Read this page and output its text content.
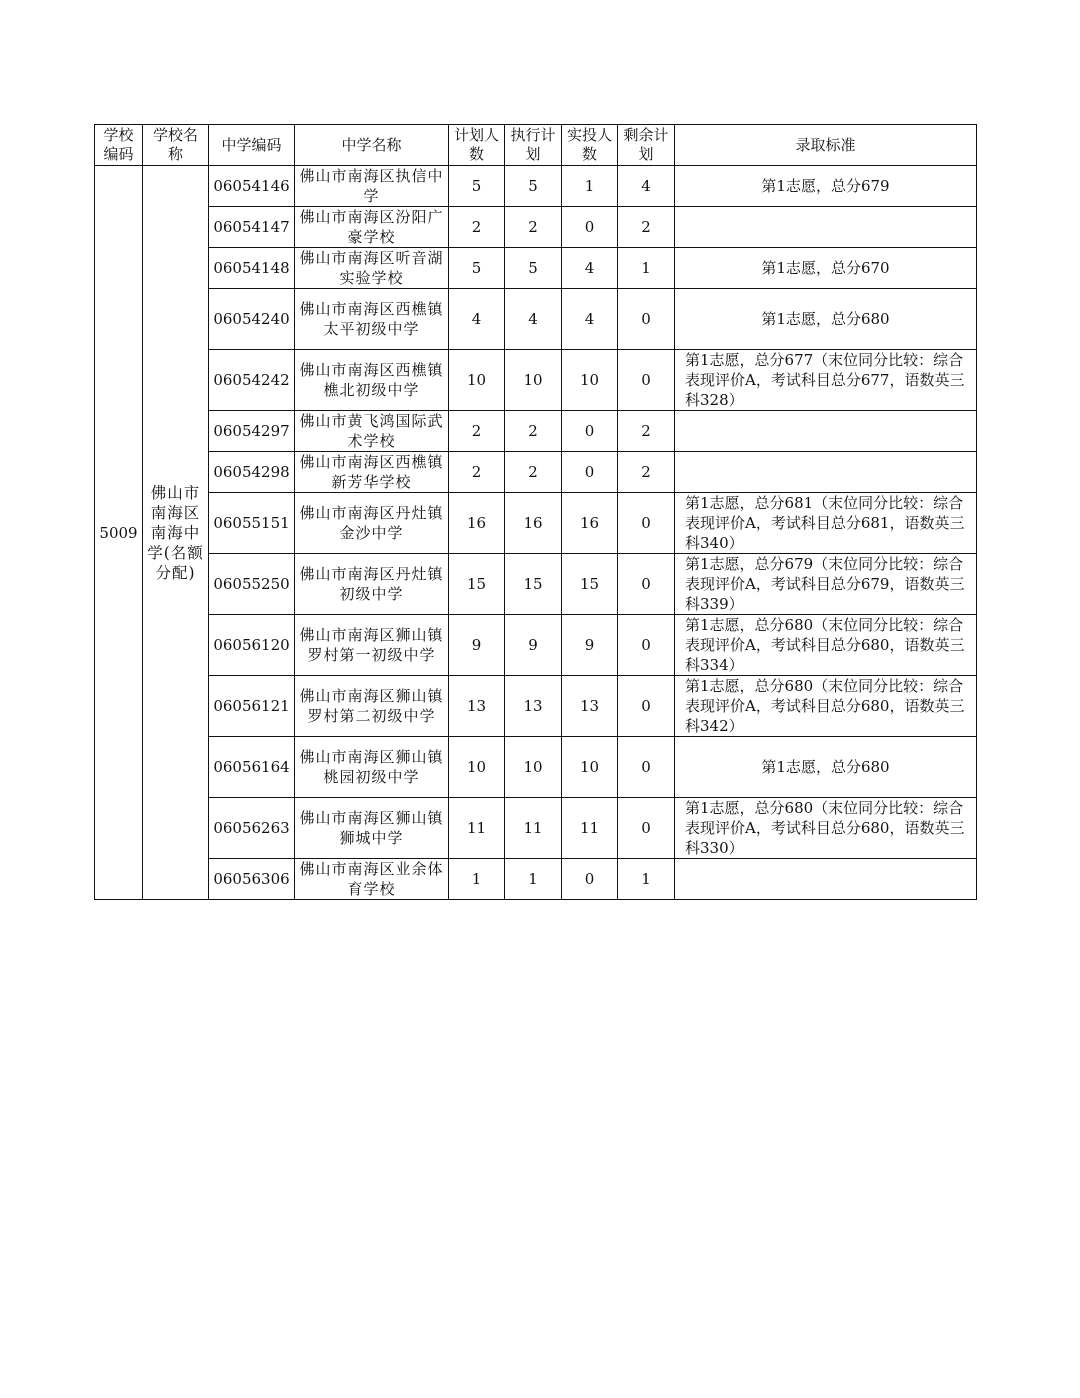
学校编码	学校名称	中学编码	中学名称	计划人数	执行计划	实投人数	剩余计划	录取标准

5009	佛山市南海区南海中学(名额分配)	06054146	佛山市南海区执信中学	5	5	1	4	第1志愿，总分679

		06054147	佛山市南海区汾阳广豪学校	2	2	0	2	

		06054148	佛山市南海区听音湖实验学校	5	5	4	1	第1志愿，总分670

		06054240	佛山市南海区西樵镇太平初级中学	4	4	4	0	第1志愿，总分680

		06054242	佛山市南海区西樵镇樵北初级中学	10	10	10	0	第1志愿，总分677（末位同分比较：综合表现评价A，考试科目总分677，语数英三科328）

		06054297	佛山市黄飞鸿国际武术学校	2	2	0	2	

		06054298	佛山市南海区西樵镇新芳华学校	2	2	0	2	

		06055151	佛山市南海区丹灶镇金沙中学	16	16	16	0	第1志愿，总分681（末位同分比较：综合表现评价A，考试科目总分681，语数英三科340）

		06055250	佛山市南海区丹灶镇初级中学	15	15	15	0	第1志愿，总分679（末位同分比较：综合表现评价A，考试科目总分679，语数英三科339）

		06056120	佛山市南海区狮山镇罗村第一初级中学	9	9	9	0	第1志愿，总分680（末位同分比较：综合表现评价A，考试科目总分680，语数英三科334）

		06056121	佛山市南海区狮山镇罗村第二初级中学	13	13	13	0	第1志愿，总分680（末位同分比较：综合表现评价A，考试科目总分680，语数英三科342）

		06056164	佛山市南海区狮山镇桃园初级中学	10	10	10	0	第1志愿，总分680

		06056263	佛山市南海区狮山镇狮城中学	11	11	11	0	第1志愿，总分680（末位同分比较：综合表现评价A，考试科目总分680，语数英三科330）

		06056306	佛山市南海区业余体育学校	1	1	0	1	
